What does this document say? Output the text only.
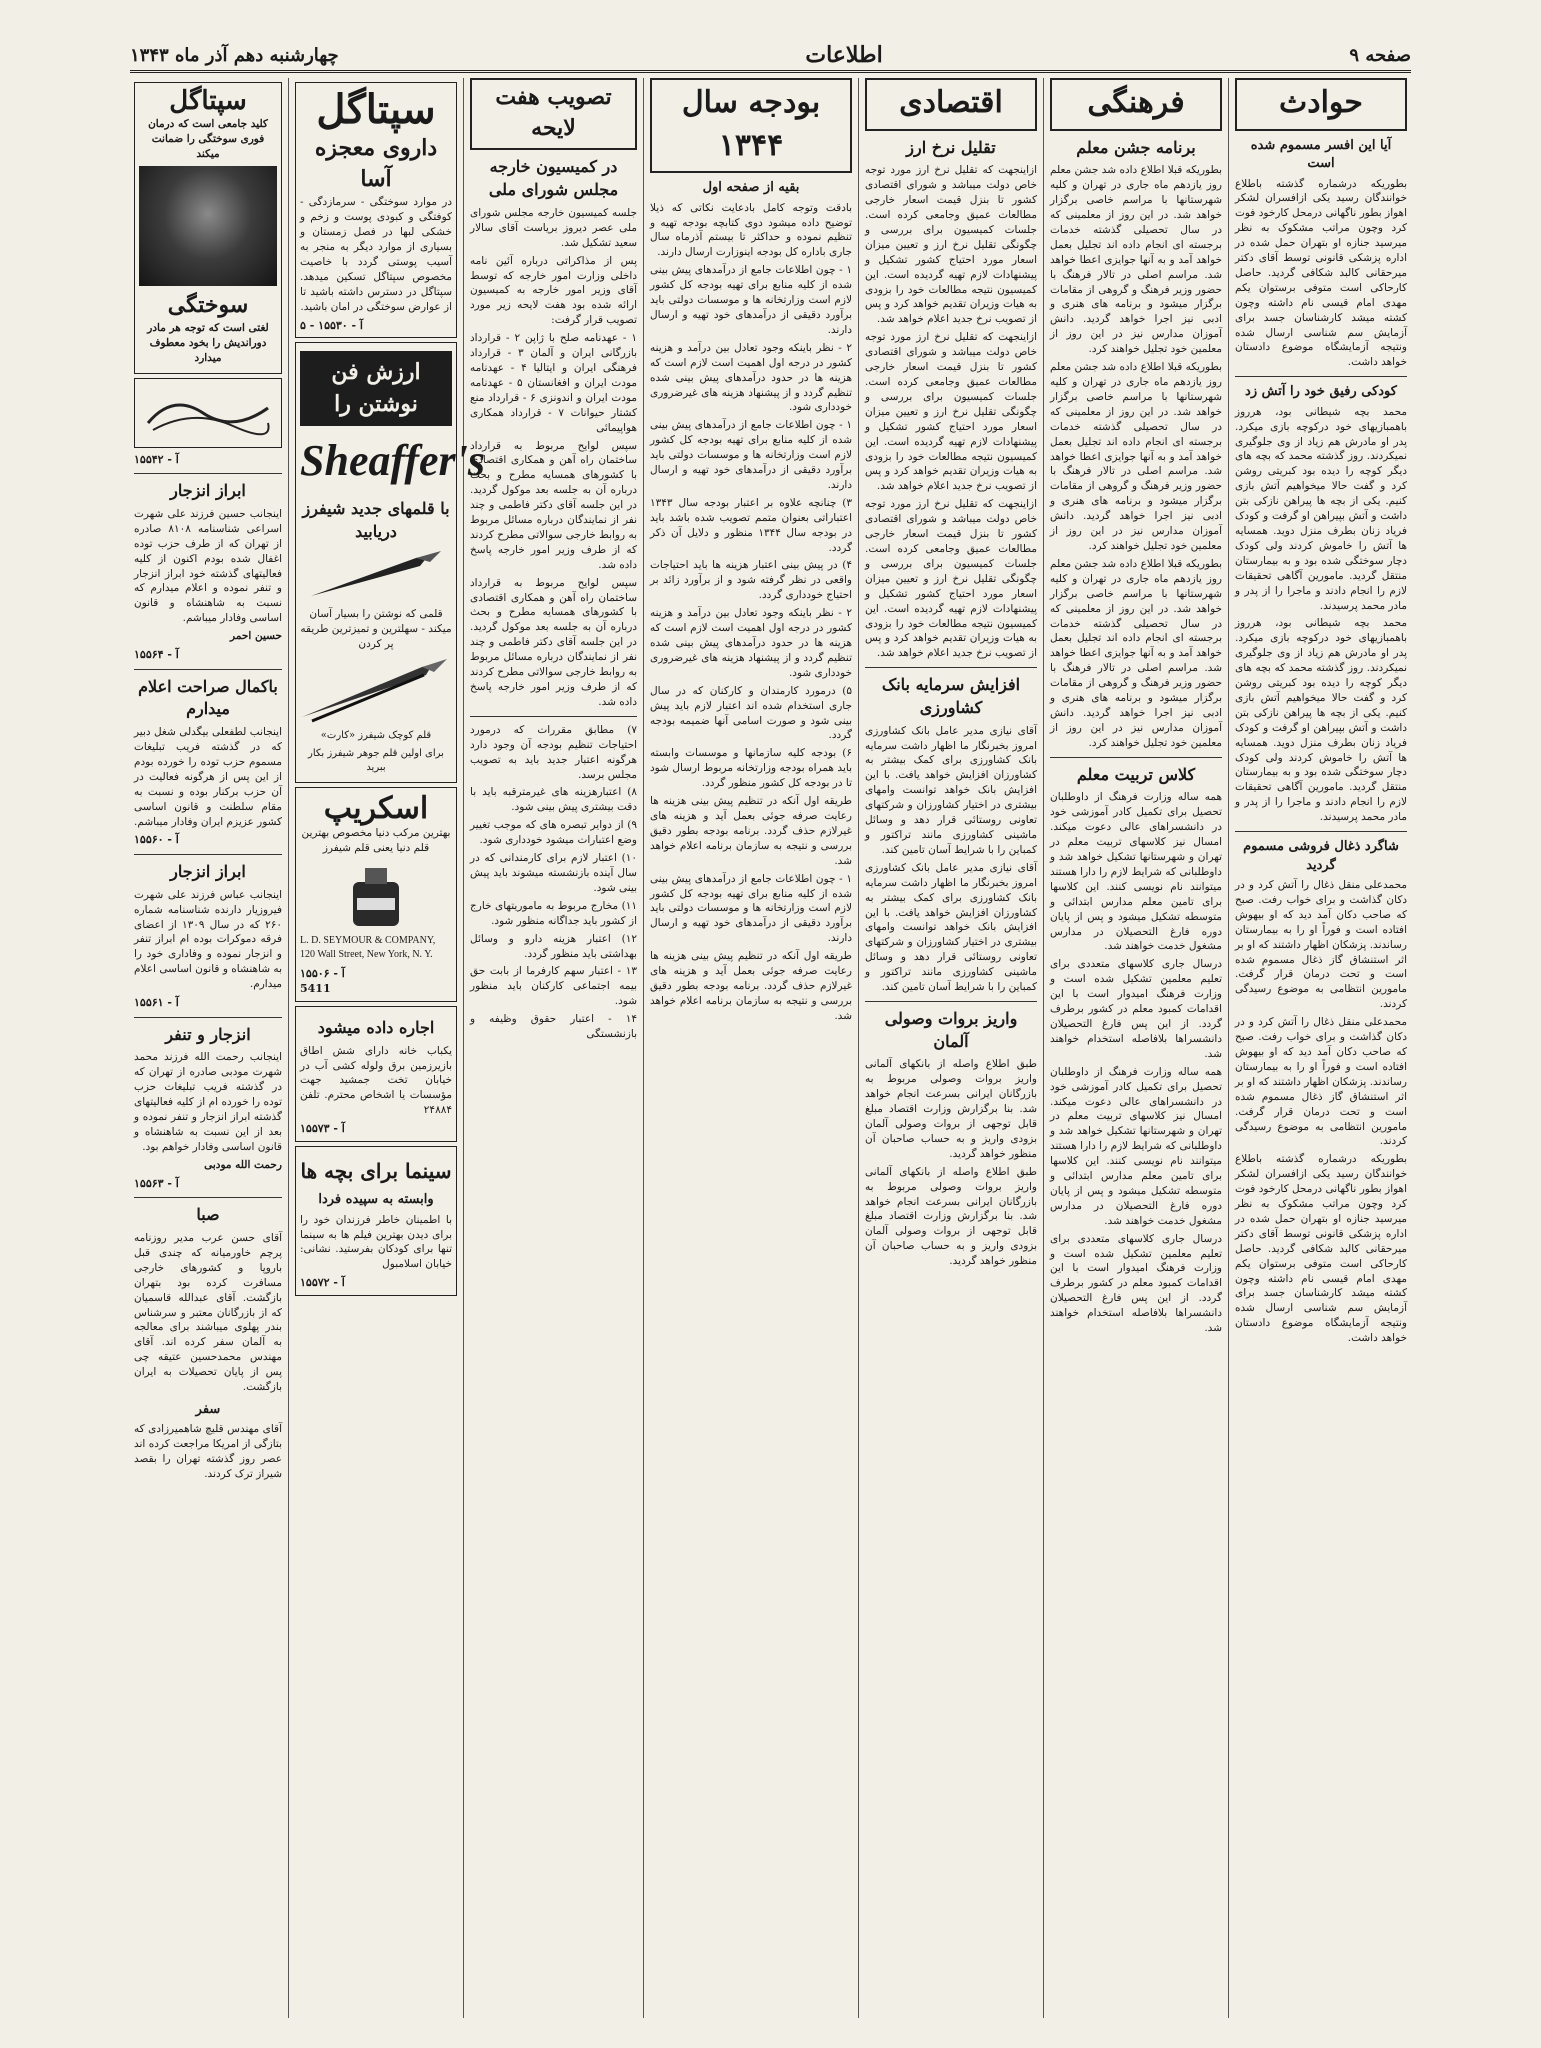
صفحه ۹
اطلاعات
چهارشنبه دهم آذر ماه ۱۳۴۳
حوادث
آیا این افسر مسموم شده است

بطوریکه درشماره گذشته باطلاع خوانندگان رسید یکی ازافسران لشکر اهواز بطور ناگهانی درمحل کارخود فوت کرد وچون مراتب مشکوک به نظر میرسید جنازه او بتهران حمل شده در اداره پزشکی قانونی توسط آقای دکتر میرحقانی کالبد شکافی گردید. حاصل کارحاکی است متوفی برستوان یکم مهدی امام قیسی نام داشته وچون کشته میشد کارشناسان جسد برای آزمایش سم شناسی ارسال شده ونتیجه آزمایشگاه موضوع دادستان خواهد داشت.

کودکی رفیق خود را آتش زد

محمد بچه شیطانی بود، هرروز باهمبازیهای خود درکوچه بازی میکرد. پدر او مادرش هم زیاد از وی جلوگیری نمیکردند. روز گذشته محمد که بچه های دیگر کوچه را دیده بود کبریتی روشن کرد و گفت حالا میخواهیم آتش بازی کنیم. یکی از بچه ها پیراهن نازکی بتن داشت و آتش بپیراهن او گرفت و کودک فریاد زنان بطرف منزل دوید. همسایه ها آتش را خاموش کردند ولی کودک دچار سوختگی شده بود و به بیمارستان منتقل گردید. مامورین آگاهی تحقیقات لازم را انجام دادند و ماجرا را از پدر و مادر محمد پرسیدند.

محمد بچه شیطانی بود، هرروز باهمبازیهای خود درکوچه بازی میکرد. پدر او مادرش هم زیاد از وی جلوگیری نمیکردند. روز گذشته محمد که بچه های دیگر کوچه را دیده بود کبریتی روشن کرد و گفت حالا میخواهیم آتش بازی کنیم. یکی از بچه ها پیراهن نازکی بتن داشت و آتش بپیراهن او گرفت و کودک فریاد زنان بطرف منزل دوید. همسایه ها آتش را خاموش کردند ولی کودک دچار سوختگی شده بود و به بیمارستان منتقل گردید. مامورین آگاهی تحقیقات لازم را انجام دادند و ماجرا را از پدر و مادر محمد پرسیدند.

شاگرد ذغال فروشی مسموم گردید

محمدعلی منقل ذغال را آتش کرد و در دکان گذاشت و برای خواب رفت. صبح که صاحب دکان آمد دید که او بیهوش افتاده است و فوراً او را به بیمارستان رساندند. پزشکان اظهار داشتند که او بر اثر استنشاق گاز ذغال مسموم شده است و تحت درمان قرار گرفت. مامورین انتظامی به موضوع رسیدگی کردند.

محمدعلی منقل ذغال را آتش کرد و در دکان گذاشت و برای خواب رفت. صبح که صاحب دکان آمد دید که او بیهوش افتاده است و فوراً او را به بیمارستان رساندند. پزشکان اظهار داشتند که او بر اثر استنشاق گاز ذغال مسموم شده است و تحت درمان قرار گرفت. مامورین انتظامی به موضوع رسیدگی کردند.

بطوریکه درشماره گذشته باطلاع خوانندگان رسید یکی ازافسران لشکر اهواز بطور ناگهانی درمحل کارخود فوت کرد وچون مراتب مشکوک به نظر میرسید جنازه او بتهران حمل شده در اداره پزشکی قانونی توسط آقای دکتر میرحقانی کالبد شکافی گردید. حاصل کارحاکی است متوفی برستوان یکم مهدی امام قیسی نام داشته وچون کشته میشد کارشناسان جسد برای آزمایش سم شناسی ارسال شده ونتیجه آزمایشگاه موضوع دادستان خواهد داشت.

فرهنگی
برنامه جشن معلم

بطوریکه قبلا اطلاع داده شد جشن معلم روز یازدهم ماه جاری در تهران و کلیه شهرستانها با مراسم خاصی برگزار خواهد شد. در این روز از معلمینی که در سال تحصیلی گذشته خدمات برجسته ای انجام داده اند تجلیل بعمل خواهد آمد و به آنها جوایزی اعطا خواهد شد. مراسم اصلی در تالار فرهنگ با حضور وزیر فرهنگ و گروهی از مقامات برگزار میشود و برنامه های هنری و ادبی نیز اجرا خواهد گردید. دانش آموزان مدارس نیز در این روز از معلمین خود تجلیل خواهند کرد.

بطوریکه قبلا اطلاع داده شد جشن معلم روز یازدهم ماه جاری در تهران و کلیه شهرستانها با مراسم خاصی برگزار خواهد شد. در این روز از معلمینی که در سال تحصیلی گذشته خدمات برجسته ای انجام داده اند تجلیل بعمل خواهد آمد و به آنها جوایزی اعطا خواهد شد. مراسم اصلی در تالار فرهنگ با حضور وزیر فرهنگ و گروهی از مقامات برگزار میشود و برنامه های هنری و ادبی نیز اجرا خواهد گردید. دانش آموزان مدارس نیز در این روز از معلمین خود تجلیل خواهند کرد.

بطوریکه قبلا اطلاع داده شد جشن معلم روز یازدهم ماه جاری در تهران و کلیه شهرستانها با مراسم خاصی برگزار خواهد شد. در این روز از معلمینی که در سال تحصیلی گذشته خدمات برجسته ای انجام داده اند تجلیل بعمل خواهد آمد و به آنها جوایزی اعطا خواهد شد. مراسم اصلی در تالار فرهنگ با حضور وزیر فرهنگ و گروهی از مقامات برگزار میشود و برنامه های هنری و ادبی نیز اجرا خواهد گردید. دانش آموزان مدارس نیز در این روز از معلمین خود تجلیل خواهند کرد.

کلاس تربیت معلم

همه ساله وزارت فرهنگ از داوطلبان تحصیل برای تکمیل کادر آموزشی خود در دانشسراهای عالی دعوت میکند. امسال نیز کلاسهای تربیت معلم در تهران و شهرستانها تشکیل خواهد شد و داوطلبانی که شرایط لازم را دارا هستند میتوانند نام نویسی کنند. این کلاسها برای تامین معلم مدارس ابتدائی و متوسطه تشکیل میشود و پس از پایان دوره فارغ التحصیلان در مدارس مشغول خدمت خواهند شد.

درسال جاری کلاسهای متعددی برای تعلیم معلمین تشکیل شده است و وزارت فرهنگ امیدوار است با این اقدامات کمبود معلم در کشور برطرف گردد. از این پس فارغ التحصیلان دانشسراها بلافاصله استخدام خواهند شد.

همه ساله وزارت فرهنگ از داوطلبان تحصیل برای تکمیل کادر آموزشی خود در دانشسراهای عالی دعوت میکند. امسال نیز کلاسهای تربیت معلم در تهران و شهرستانها تشکیل خواهد شد و داوطلبانی که شرایط لازم را دارا هستند میتوانند نام نویسی کنند. این کلاسها برای تامین معلم مدارس ابتدائی و متوسطه تشکیل میشود و پس از پایان دوره فارغ التحصیلان در مدارس مشغول خدمت خواهند شد.

درسال جاری کلاسهای متعددی برای تعلیم معلمین تشکیل شده است و وزارت فرهنگ امیدوار است با این اقدامات کمبود معلم در کشور برطرف گردد. از این پس فارغ التحصیلان دانشسراها بلافاصله استخدام خواهند شد.

اقتصادی
تقلیل نرخ ارز

ازاینجهت که تقلیل نرخ ارز مورد توجه خاص دولت میباشد و شورای اقتصادی کشور تا بنزل قیمت اسعار خارجی مطالعات عمیق وجامعی کرده است. جلسات کمیسیون برای بررسی و چگونگی تقلیل نرخ ارز و تعیین میزان اسعار مورد احتیاج کشور تشکیل و پیشنهادات لازم تهیه گردیده است. این کمیسیون نتیجه مطالعات خود را بزودی به هیات وزیران تقدیم خواهد کرد و پس از تصویب نرخ جدید اعلام خواهد شد.

ازاینجهت که تقلیل نرخ ارز مورد توجه خاص دولت میباشد و شورای اقتصادی کشور تا بنزل قیمت اسعار خارجی مطالعات عمیق وجامعی کرده است. جلسات کمیسیون برای بررسی و چگونگی تقلیل نرخ ارز و تعیین میزان اسعار مورد احتیاج کشور تشکیل و پیشنهادات لازم تهیه گردیده است. این کمیسیون نتیجه مطالعات خود را بزودی به هیات وزیران تقدیم خواهد کرد و پس از تصویب نرخ جدید اعلام خواهد شد.

ازاینجهت که تقلیل نرخ ارز مورد توجه خاص دولت میباشد و شورای اقتصادی کشور تا بنزل قیمت اسعار خارجی مطالعات عمیق وجامعی کرده است. جلسات کمیسیون برای بررسی و چگونگی تقلیل نرخ ارز و تعیین میزان اسعار مورد احتیاج کشور تشکیل و پیشنهادات لازم تهیه گردیده است. این کمیسیون نتیجه مطالعات خود را بزودی به هیات وزیران تقدیم خواهد کرد و پس از تصویب نرخ جدید اعلام خواهد شد.

افزایش سرمایه بانک کشاورزی

آقای نیازی مدیر عامل بانک کشاورزی امروز بخبرنگار ما اظهار داشت سرمایه بانک کشاورزی برای کمک بیشتر به کشاورزان افزایش خواهد یافت. با این افزایش بانک خواهد توانست وامهای بیشتری در اختیار کشاورزان و شرکتهای تعاونی روستائی قرار دهد و وسائل ماشینی کشاورزی مانند تراکتور و کمباین را با شرایط آسان تامین کند.

آقای نیازی مدیر عامل بانک کشاورزی امروز بخبرنگار ما اظهار داشت سرمایه بانک کشاورزی برای کمک بیشتر به کشاورزان افزایش خواهد یافت. با این افزایش بانک خواهد توانست وامهای بیشتری در اختیار کشاورزان و شرکتهای تعاونی روستائی قرار دهد و وسائل ماشینی کشاورزی مانند تراکتور و کمباین را با شرایط آسان تامین کند.

واریز بروات وصولی آلمان

طبق اطلاع واصله از بانکهای آلمانی واریز بروات وصولی مربوط به بازرگانان ایرانی بسرعت انجام خواهد شد. بنا برگزارش وزارت اقتصاد مبلغ قابل توجهی از بروات وصولی آلمان بزودی واریز و به حساب صاحبان آن منظور خواهد گردید.

طبق اطلاع واصله از بانکهای آلمانی واریز بروات وصولی مربوط به بازرگانان ایرانی بسرعت انجام خواهد شد. بنا برگزارش وزارت اقتصاد مبلغ قابل توجهی از بروات وصولی آلمان بزودی واریز و به حساب صاحبان آن منظور خواهد گردید.

بودجه سال ۱۳۴۴
بقیه از صفحه اول

بادقت وتوجه کامل بادعایت نکاتی که ذیلا توضیح داده میشود دوی کتابچه بودجه تهیه و تنظیم نموده و حداکثر تا بیستم آذرماه سال جاری باداره کل بودجه اینوزارت ارسال دارند.

۱ - چون اطلاعات جامع از درآمدهای پیش بینی شده از کلیه منابع برای تهیه بودجه کل کشور لازم است وزارتخانه ها و موسسات دولتی باید برآورد دقیقی از درآمدهای خود تهیه و ارسال دارند.

۲ - نظر باینکه وجود تعادل بین درآمد و هزینه کشور در درجه اول اهمیت است لازم است که هزینه ها در حدود درآمدهای پیش بینی شده تنظیم گردد و از پیشنهاد هزینه های غیرضروری خودداری شود.

۱ - چون اطلاعات جامع از درآمدهای پیش بینی شده از کلیه منابع برای تهیه بودجه کل کشور لازم است وزارتخانه ها و موسسات دولتی باید برآورد دقیقی از درآمدهای خود تهیه و ارسال دارند.

۳) چنانچه علاوه بر اعتبار بودجه سال ۱۳۴۳ اعتباراتی بعنوان متمم تصویب شده باشد باید در بودجه سال ۱۳۴۴ منظور و دلایل آن ذکر گردد.

۴) در پیش بینی اعتبار هزینه ها باید احتیاجات واقعی در نظر گرفته شود و از برآورد زائد بر احتیاج خودداری گردد.

۲ - نظر باینکه وجود تعادل بین درآمد و هزینه کشور در درجه اول اهمیت است لازم است که هزینه ها در حدود درآمدهای پیش بینی شده تنظیم گردد و از پیشنهاد هزینه های غیرضروری خودداری شود.

۵) درمورد کارمندان و کارکنان که در سال جاری استخدام شده اند اعتبار لازم باید پیش بینی شود و صورت اسامی آنها ضمیمه بودجه گردد.

۶) بودجه کلیه سازمانها و موسسات وابسته باید همراه بودجه وزارتخانه مربوط ارسال شود تا در بودجه کل کشور منظور گردد.

طریقه اول آنکه در تنظیم پیش بینی هزینه ها رعایت صرفه جوئی بعمل آید و هزینه های غیرلازم حذف گردد. برنامه بودجه بطور دقیق بررسی و نتیجه به سازمان برنامه اعلام خواهد شد.

۱ - چون اطلاعات جامع از درآمدهای پیش بینی شده از کلیه منابع برای تهیه بودجه کل کشور لازم است وزارتخانه ها و موسسات دولتی باید برآورد دقیقی از درآمدهای خود تهیه و ارسال دارند.

طریقه اول آنکه در تنظیم پیش بینی هزینه ها رعایت صرفه جوئی بعمل آید و هزینه های غیرلازم حذف گردد. برنامه بودجه بطور دقیق بررسی و نتیجه به سازمان برنامه اعلام خواهد شد.

تصویب هفت لایحه
در کمیسیون خارجه مجلس شورای ملی

جلسه کمیسیون خارجه مجلس شورای ملی عصر دیروز بریاست آقای سالار سعید تشکیل شد.

پس از مذاکراتی درباره آئین نامه داخلی وزارت امور خارجه که توسط آقای وزیر امور خارجه به کمیسیون ارائه شده بود هفت لایحه زیر مورد تصویب قرار گرفت:

۱ - عهدنامه صلح با ژاپن ۲ - قرارداد بازرگانی ایران و آلمان ۳ - قرارداد فرهنگی ایران و ایتالیا ۴ - عهدنامه مودت ایران و افغانستان ۵ - عهدنامه مودت ایران و اندونزی ۶ - قرارداد منع کشتار حیوانات ۷ - قرارداد همکاری هواپیمائی

سپس لوایح مربوط به قرارداد ساختمان راه آهن و همکاری اقتصادی با کشورهای همسایه مطرح و بحث درباره آن به جلسه بعد موکول گردید. در این جلسه آقای دکتر فاطمی و چند نفر از نمایندگان درباره مسائل مربوط به روابط خارجی سوالاتی مطرح کردند که از طرف وزیر امور خارجه پاسخ داده شد.

سپس لوایح مربوط به قرارداد ساختمان راه آهن و همکاری اقتصادی با کشورهای همسایه مطرح و بحث درباره آن به جلسه بعد موکول گردید. در این جلسه آقای دکتر فاطمی و چند نفر از نمایندگان درباره مسائل مربوط به روابط خارجی سوالاتی مطرح کردند که از طرف وزیر امور خارجه پاسخ داده شد.

۷) مطابق مقررات که درمورد احتیاجات تنظیم بودجه آن وجود دارد هرگونه اعتبار جدید باید به تصویب مجلس برسد.

۸) اعتبارهزینه های غیرمترقبه باید با دقت بیشتری پیش بینی شود.

۹) از دوایر تبصره های که موجب تغییر وضع اعتبارات میشود خودداری شود.

۱۰) اعتبار لازم برای کارمندانی که در سال آینده بازنشسته میشوند باید پیش بینی شود.

۱۱) مخارج مربوط به ماموریتهای خارج از کشور باید جداگانه منظور شود.

۱۲) اعتبار هزینه دارو و وسائل بهداشتی باید منظور گردد.

۱۳ - اعتبار سهم کارفرما از بابت حق بیمه اجتماعی کارکنان باید منظور شود.

۱۴ - اعتبار حقوق وظیفه و بازنشستگی

سپتاگل
داروی معجزه آسا

در موارد سوختگی - سرمازدگی - کوفتگی و کبودی پوست و زخم و خشکی لبها در فصل زمستان و بسیاری از موارد دیگر به منجر به آسیب پوستی گردد با خاصیت مخصوص سپتاگل تسکین میدهد. سپتاگل در دسترس داشته باشید تا از عوارض سوختگی در امان باشید.

آ - ۱۵۵۳۰ - ۵
ارزش فن نوشتن را
Sheaffer's
با قلمهای جدید شیفرز دریابید

قلمی که نوشتن را بسیار آسان میکند - سهلترین و تمیزترین طریقه پر کردن

قلم کوچک شیفرز «کارت»

برای اولین قلم جوهر شیفرز بکار ببرید

اسکریپ

بهترین مرکب دنیا مخصوص بهترین قلم دنیا یعنی قلم شیفرز

L. D. SEYMOUR & COMPANY, 120 Wall Street, New York, N. Y.

آ - ۱۵۵۰۶
5411
اجاره داده میشود

یکباب خانه دارای شش اطاق بازیرزمین برق ولوله کشی آب در خیابان تخت جمشید جهت مؤسسات یا اشخاص محترم. تلفن ۲۴۸۸۴

آ - ۱۵۵۷۳
سینما برای بچه ها
وابسته به سپیده فردا

با اطمینان خاطر فرزندان خود را برای دیدن بهترین فیلم ها به سینما تنها برای کودکان بفرستید. نشانی: خیابان اسلامبول

آ - ۱۵۵۷۲
سپتاگل

کلید جامعی است که درمان فوری سوختگی را ضمانت میکند

سوختگی

لغتی است که توجه هر مادر دوراندیش را بخود معطوف میدارد

آ - ۱۵۵۴۲
ابراز انزجار

اینجانب حسین فرزند علی شهرت اسراعی شناسنامه ۸۱۰۸ صادره از تهران که از طرف حزب توده اغفال شده بودم اکنون از کلیه فعالیتهای گذشته خود ابراز انزجار و تنفر نموده و اعلام میدارم که نسبت به شاهنشاه و قانون اساسی وفادار میباشم.

حسین احمر

آ - ۱۵۵۶۴
باکمال صراحت اعلام میدارم

اینجانب لطفعلی بیگدلی شغل دبیر که در گذشته فریب تبلیغات مسموم حزب توده را خورده بودم از این پس از هرگونه فعالیت در آن حزب برکنار بوده و نسبت به مقام سلطنت و قانون اساسی کشور عزیزم ایران وفادار میباشم.

آ - ۱۵۵۶۰
ابراز انزجار

اینجانب عباس فرزند علی شهرت فیروزیار دارنده شناسنامه شماره ۲۶۰ که در سال ۱۳۰۹ از اعضای فرقه دموکرات بوده ام ابراز تنفر و انزجار نموده و وفاداری خود را به شاهنشاه و قانون اساسی اعلام میدارم.

آ - ۱۵۵۶۱
انزجار و تنفر

اینجانب رحمت الله فرزند محمد شهرت مودبی صادره از تهران که در گذشته فریب تبلیغات حزب توده را خورده ام از کلیه فعالیتهای گذشته ابراز انزجار و تنفر نموده و بعد از این نسبت به شاهنشاه و قانون اساسی وفادار خواهم بود.

رحمت الله مودبی

آ - ۱۵۵۶۳
صبا

آقای حسن عرب مدیر روزنامه پرچم خاورمیانه که چندی قبل باروپا و کشورهای خارجی مسافرت کرده بود بتهران بازگشت. آقای عبدالله قاسمیان که از بازرگانان معتبر و سرشناس بندر پهلوی میباشند برای معالجه به آلمان سفر کرده اند. آقای مهندس محمدحسین عتیقه چی پس از پایان تحصیلات به ایران بازگشت.

سفر

آقای مهندس قلیچ شاهمیرزادی که بتازگی از امریکا مراجعت کرده اند عصر روز گذشته تهران را بقصد شیراز ترک کردند.
